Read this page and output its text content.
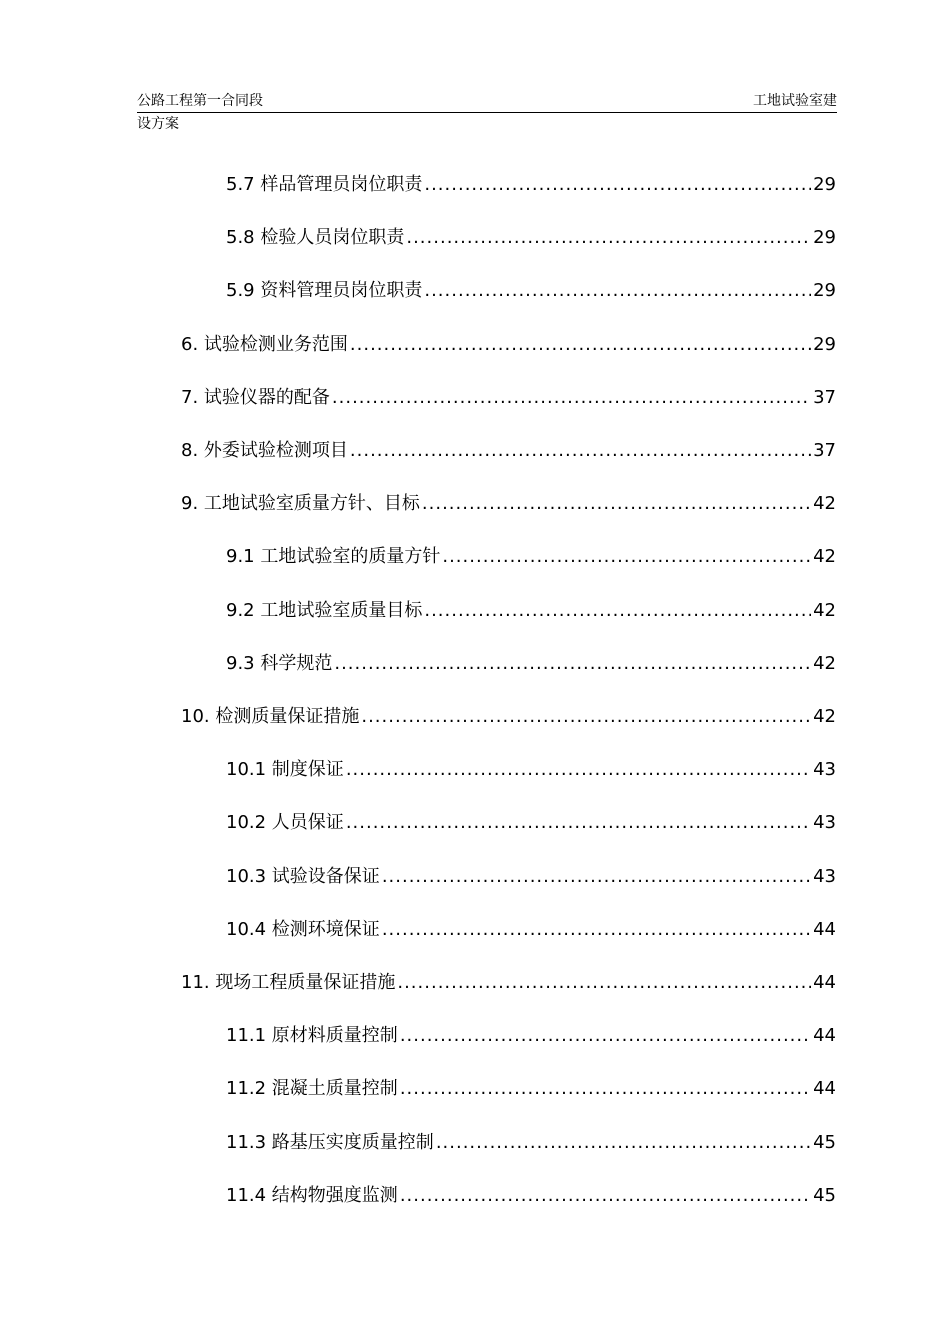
公路工程第一合同段	工地试验室建
设方案
5.7 样品管理员岗位职责 .....	29
5.8 检验人员岗位职责 .....	29
5.9 资料管理员岗位职责 .....	29
6. 试验检测业务范围 .....	29
7. 试验仪器的配备 .....	37
8. 外委试验检测项目 .....	37
9. 工地试验室质量方针、目标 .....	42
9.1 工地试验室的质量方针 .....	42
9.2 工地试验室质量目标 .....	42
9.3 科学规范 .....	42
10. 检测质量保证措施 .....	42
10.1 制度保证 .....	43
10.2 人员保证 .....	43
10.3 试验设备保证 .....	43
10.4 检测环境保证 .....	44
11. 现场工程质量保证措施 .....	44
11.1 原材料质量控制 .....	44
11.2 混凝土质量控制 .....	44
11.3 路基压实度质量控制 .....	45
11.4 结构物强度监测 .....	45
